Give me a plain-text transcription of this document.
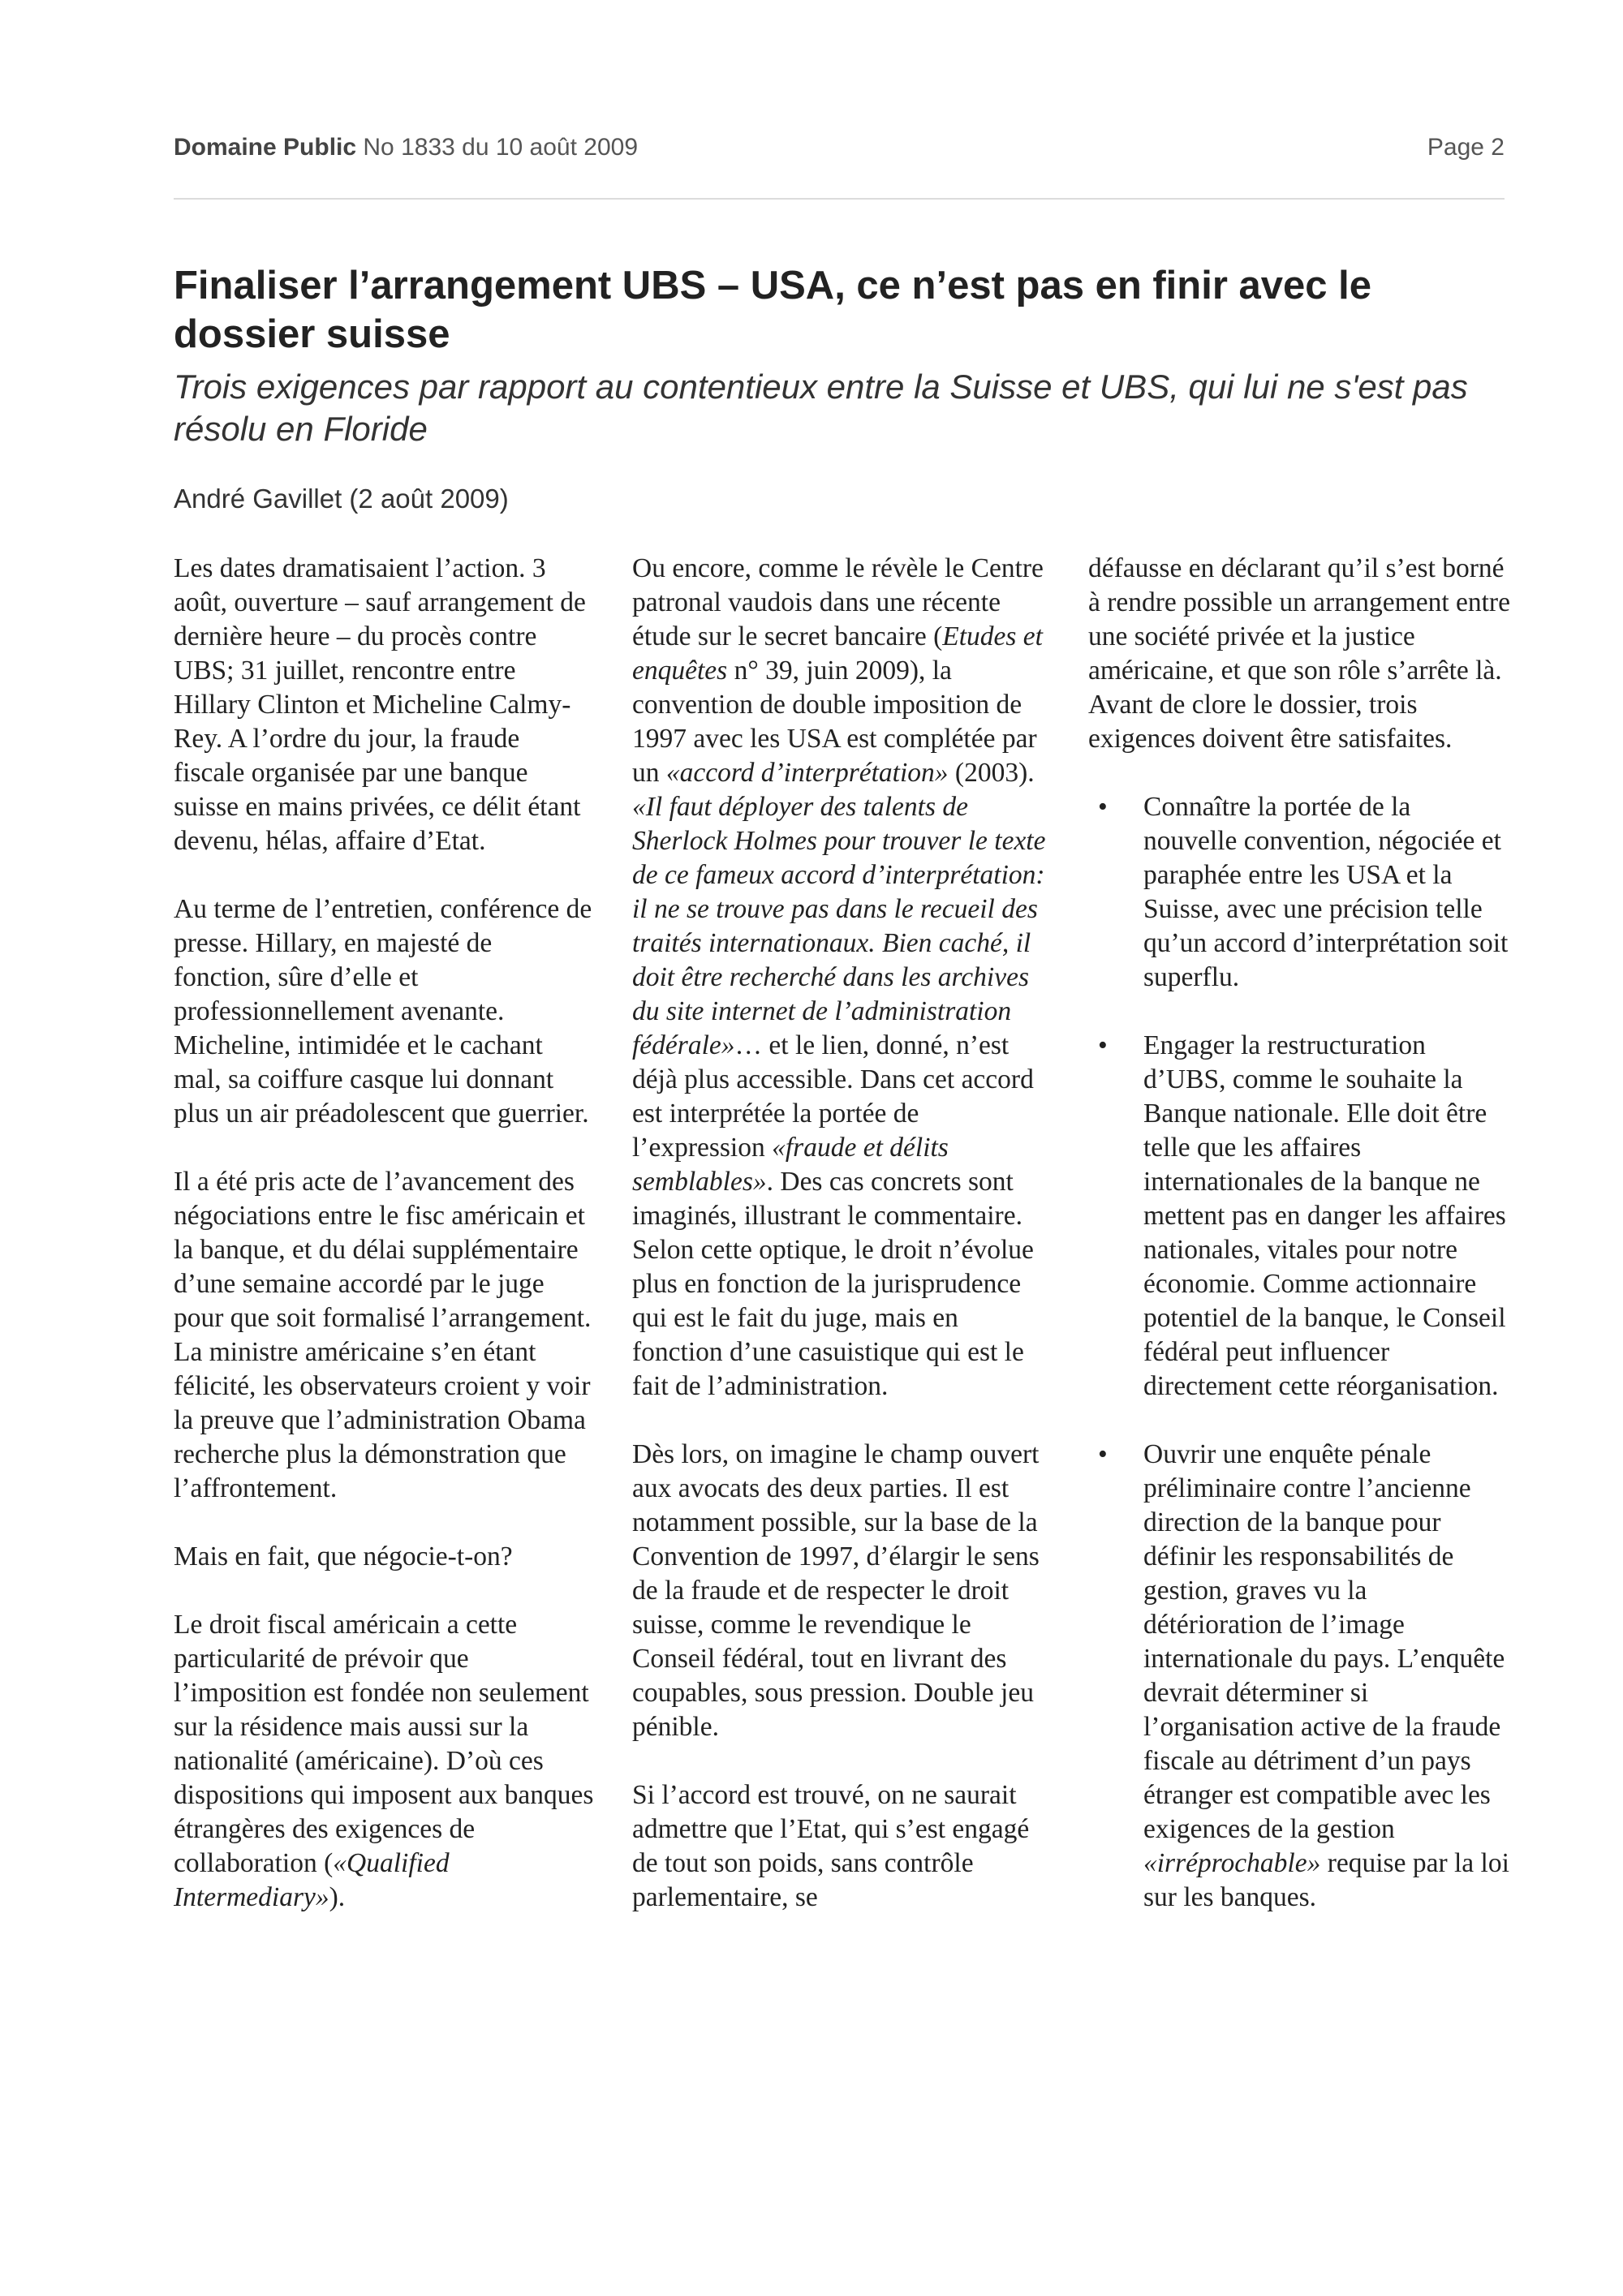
Domaine Public No 1833 du 10 août 2009	Page 2
Finaliser l’arrangement UBS – USA, ce n’est pas en finir avec le dossier suisse

Trois exigences par rapport au contentieux entre la Suisse et UBS, qui lui ne s'est pas résolu en Floride

André Gavillet (2 août 2009)

Les dates dramatisaient l’action. 3 août, ouverture – sauf arrangement de dernière heure – du procès contre UBS; 31 juillet, rencontre entre Hillary Clinton et Micheline Calmy-Rey. A l’ordre du jour, la fraude fiscale organisée par une banque suisse en mains privées, ce délit étant devenu, hélas, affaire d’Etat.

Au terme de l’entretien, conférence de presse. Hillary, en majesté de fonction, sûre d’elle et professionnellement avenante. Micheline, intimidée et le cachant mal, sa coiffure casque lui donnant plus un air préadolescent que guerrier.

Il a été pris acte de l’avancement des négociations entre le fisc américain et la banque, et du délai supplémentaire d’une semaine accordé par le juge pour que soit formalisé l’arrangement. La ministre américaine s’en étant félicité, les observateurs croient y voir la preuve que l’administration Obama recherche plus la démonstration que l’affrontement.

Mais en fait, que négocie-t-on?

Le droit fiscal américain a cette particularité de prévoir que l’imposition est fondée non seulement sur la résidence mais aussi sur la nationalité (américaine). D’où ces dispositions qui imposent aux banques étrangères des exigences de collaboration («Qualified Intermediary»).

Ou encore, comme le révèle le Centre patronal vaudois dans une récente étude sur le secret bancaire (Etudes et enquêtes n° 39, juin 2009), la convention de double imposition de 1997 avec les USA est complétée par un «accord d’interprétation» (2003). «Il faut déployer des talents de Sherlock Holmes pour trouver le texte de ce fameux accord d’interprétation: il ne se trouve pas dans le recueil des traités internationaux. Bien caché, il doit être recherché dans les archives du site internet de l’administration fédérale»… et le lien, donné, n’est déjà plus accessible. Dans cet accord est interprétée la portée de l’expression «fraude et délits semblables». Des cas concrets sont imaginés, illustrant le commentaire. Selon cette optique, le droit n’évolue plus en fonction de la jurisprudence qui est le fait du juge, mais en fonction d’une casuistique qui est le fait de l’administration.

Dès lors, on imagine le champ ouvert aux avocats des deux parties. Il est notamment possible, sur la base de la Convention de 1997, d’élargir le sens de la fraude et de respecter le droit suisse, comme le revendique le Conseil fédéral, tout en livrant des coupables, sous pression. Double jeu pénible.

Si l’accord est trouvé, on ne saurait admettre que l’Etat, qui s’est engagé de tout son poids, sans contrôle parlementaire, se

défausse en déclarant qu’il s’est borné à rendre possible un arrangement entre une société privée et la justice américaine, et que son rôle s’arrête là. Avant de clore le dossier, trois exigences doivent être satisfaites.

• Connaître la portée de la nouvelle convention, négociée et paraphée entre les USA et la Suisse, avec une précision telle qu’un accord d’interprétation soit superflu.
• Engager la restructuration d’UBS, comme le souhaite la Banque nationale. Elle doit être telle que les affaires internationales de la banque ne mettent pas en danger les affaires nationales, vitales pour notre économie. Comme actionnaire potentiel de la banque, le Conseil fédéral peut influencer directement cette réorganisation.
• Ouvrir une enquête pénale préliminaire contre l’ancienne direction de la banque pour définir les responsabilités de gestion, graves vu la détérioration de l’image internationale du pays. L’enquête devrait déterminer si l’organisation active de la fraude fiscale au détriment d’un pays étranger est compatible avec les exigences de la gestion «irréprochable» requise par la loi sur les banques.
